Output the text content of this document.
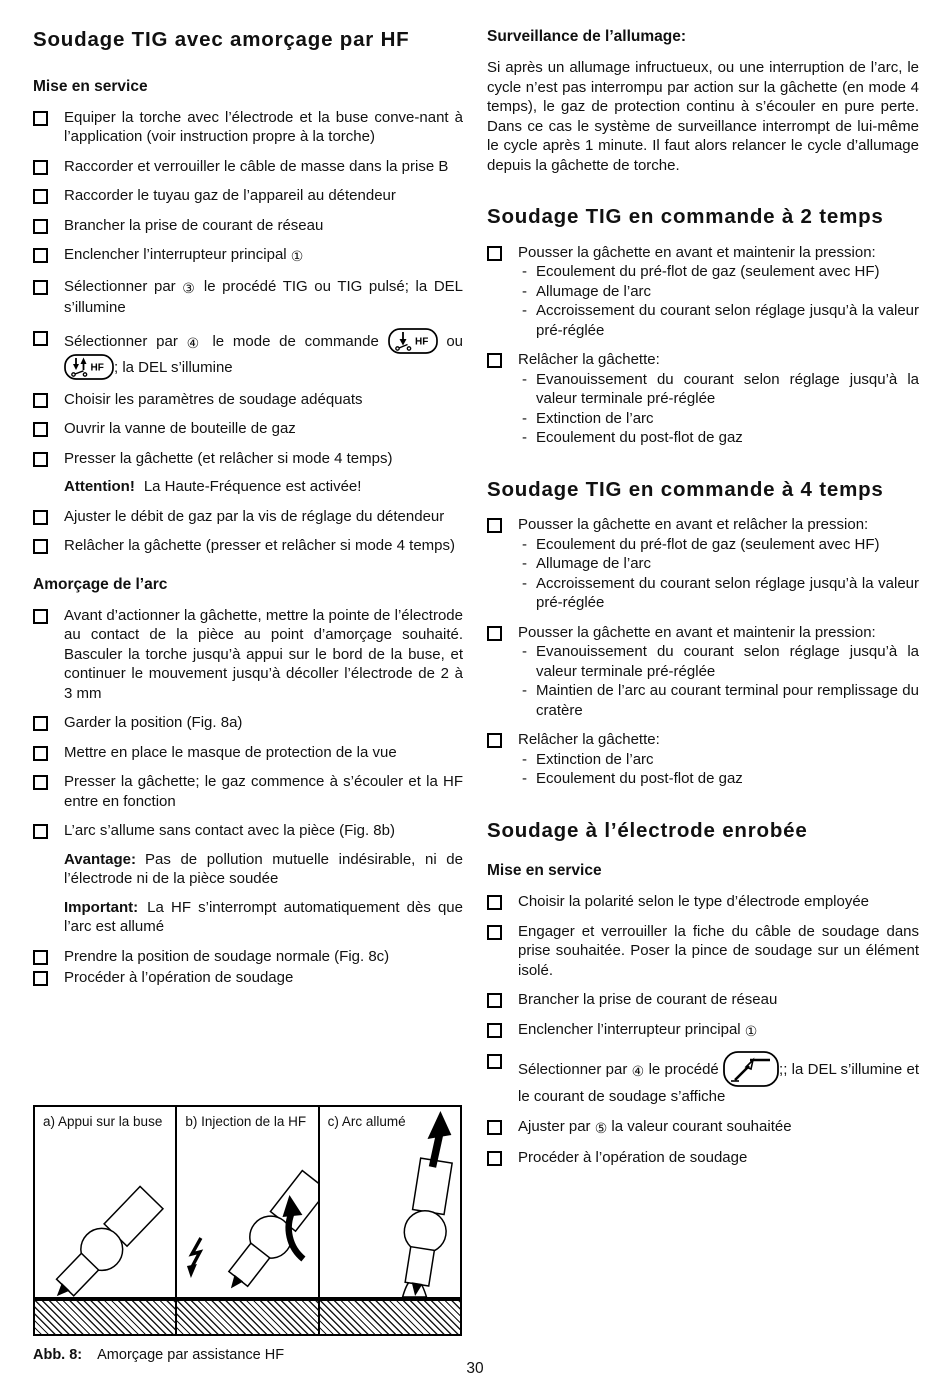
Soudage TIG avec amorçage par HF
Mise en service
Equiper la torche avec l’électrode et la buse conve-nant à l’application (voir instruction propre à la torche)
Raccorder et verrouiller le câble de masse dans la prise B
Raccorder le tuyau gaz de l’appareil au détendeur
Brancher la prise de courant de réseau
Enclencher l’interrupteur principal ①
Sélectionner par ③ le procédé TIG ou TIG pulsé; la DEL s’illumine
Sélectionner par ④ le mode de commande	HF ou
HF ; la DEL s’illumine
Choisir les paramètres de soudage adéquats
Ouvrir la vanne de bouteille de gaz
Presser la gâchette (et relâcher si mode 4 temps)
Attention! La Haute-Fréquence est activée!
Ajuster le débit de gaz par la vis de réglage du détendeur
Relâcher la gâchette (presser et relâcher si mode 4 temps)
Amorçage de l’arc
Avant d’actionner la gâchette, mettre la pointe de l’électrode au contact de la pièce au point d’amorçage souhaité. Basculer la torche jusqu’à appui sur le bord de la buse, et continuer le mouvement jusqu’à décoller l’électrode de 2 à 3 mm
Garder la position (Fig. 8a)
Mettre en place le masque de protection de la vue
Presser la gâchette; le gaz commence à s’écouler et la HF entre en fonction
L’arc s’allume sans contact avec la pièce (Fig. 8b)
Avantage: Pas de pollution mutuelle indésirable, ni de l’électrode ni de la pièce soudée
Important: La HF s’interrompt automatiquement dès que l’arc est allumé
Prendre la position de soudage normale (Fig. 8c)
Procéder à l’opération de soudage
Surveillance de l’allumage:
Si après un allumage infructueux, ou une interruption de l’arc, le cycle n’est pas interrompu par action sur la gâchette (en mode 4 temps), le gaz de protection continu à s’écouler en pure perte. Dans ce cas le système de surveillance interrompt de lui-même le cycle après 1 minute. Il faut alors relancer le cycle d’allumage depuis la gâchette de torche.
Soudage TIG en commande à 2 temps
Pousser la gâchette en avant et maintenir la pression:
- Ecoulement du pré-flot de gaz (seulement avec HF)
- Allumage de l’arc
- Accroissement du courant selon réglage jusqu’à la valeur pré-réglée
Relâcher la gâchette:
- Evanouissement du courant selon réglage jusqu’à la valeur terminale pré-réglée
- Extinction de l’arc
- Ecoulement du post-flot de gaz
Soudage TIG en commande à 4 temps
Pousser la gâchette en avant et relâcher la pression:
- Ecoulement du pré-flot de gaz (seulement avec HF)
- Allumage de l’arc
- Accroissement du courant selon réglage jusqu’à la valeur pré-réglée
Pousser la gâchette en avant et maintenir la pression:
- Evanouissement du courant selon réglage jusqu’à la valeur terminale pré-réglée
- Maintien de l’arc au courant terminal pour remplissage du cratère
Relâcher la gâchette:
- Extinction de l’arc
- Ecoulement du post-flot de gaz
Soudage à l’électrode enrobée
Mise en service
Choisir la polarité selon le type d’électrode employée
Engager et verrouiller la fiche du câble de soudage dans prise souhaitée. Poser la pince de soudage sur un élément isolé.
Brancher la prise de courant de réseau
Enclencher l’interrupteur principal ①
Sélectionner par ④ le procédé	;; la DEL s’illumine et le courant de soudage s’affiche
Ajuster par ⑤ la valeur courant souhaitée
Procéder à l’opération de soudage
a) Appui sur la buse b) Injection de la HF c) Arc allumé
Abb. 8: Amorçage par assistance HF
30
